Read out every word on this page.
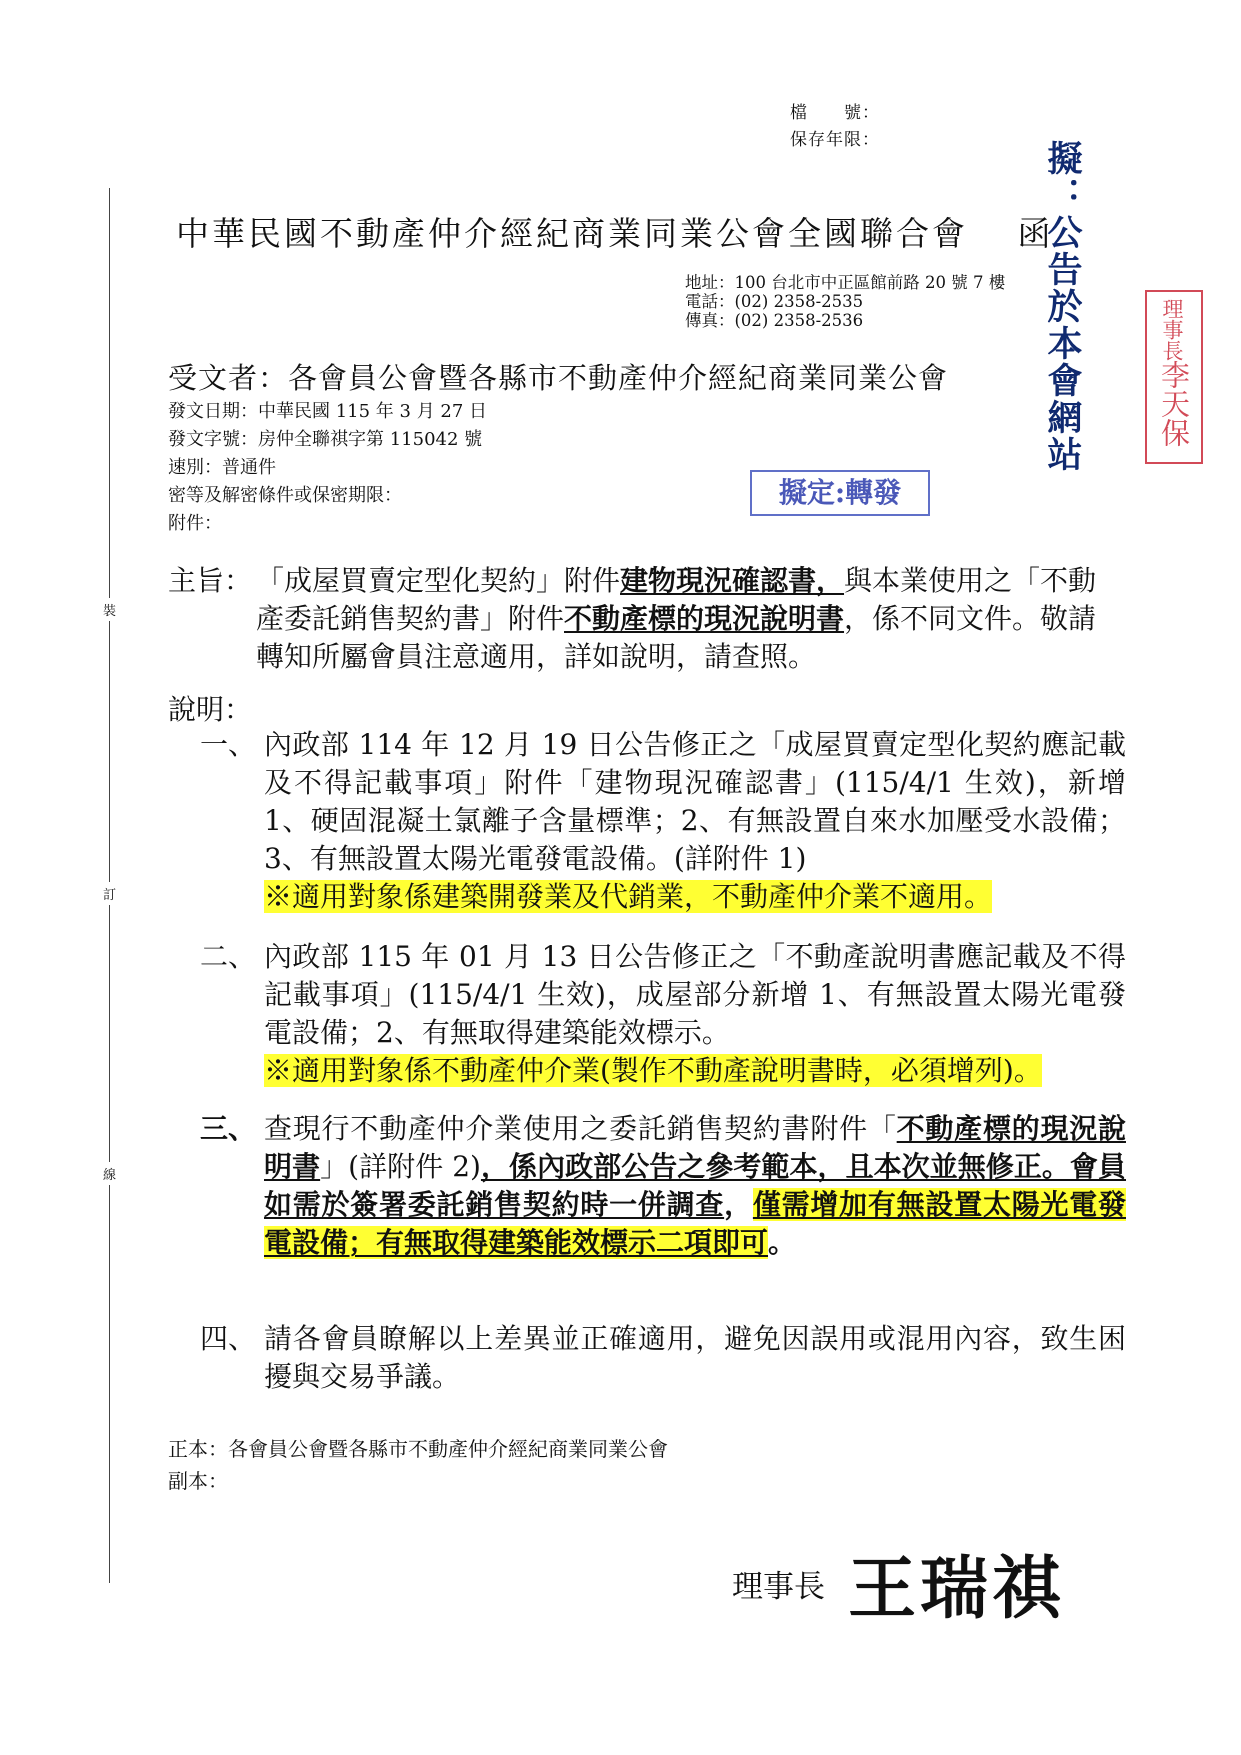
檔　　號：
保存年限：
裝
訂
線
中華民國不動產仲介經紀商業同業公會全國聯合會　 函
地址：100 台北市中正區館前路 20 號 7 樓
電話：(02) 2358-2535
傳真：(02) 2358-2536	擬：公告於本會網站	理事長
李天保
受文者：各會員公會暨各縣市不動產仲介經紀商業同業公會
發文日期：中華民國 115 年 3 月 27 日
發文字號：房仲全聯祺字第 115042 號
速別：普通件
密等及解密條件或保密期限：
附件：
擬定:轉發
主旨： 「成屋買賣定型化契約」附件建物現況確認書，與本業使用之「不動產委託銷售契約書」附件不動產標的現況說明書，係不同文件。敬請轉知所屬會員注意適用，詳如說明，請查照。
說明：
一、 內政部 114 年 12 月 19 日公告修正之「成屋買賣定型化契約應記載及不得記載事項」附件「建物現況確認書」(115/4/1 生效)，新增 1、硬固混凝土氯離子含量標準；2、有無設置自來水加壓受水設備；3、有無設置太陽光電發電設備。(詳附件 1)
※適用對象係建築開發業及代銷業，不動產仲介業不適用。
二、 內政部 115 年 01 月 13 日公告修正之「不動產說明書應記載及不得記載事項」(115/4/1 生效)，成屋部分新增 1、有無設置太陽光電發電設備；2、有無取得建築能效標示。
※適用對象係不動產仲介業(製作不動產說明書時，必須增列)。
三、 查現行不動產仲介業使用之委託銷售契約書附件「不動產標的現況說明書」(詳附件 2)，係內政部公告之參考範本，且本次並無修正。會員如需於簽署委託銷售契約時一併調查，僅需增加有無設置太陽光電發電設備；有無取得建築能效標示二項即可。
四、 請各會員瞭解以上差異並正確適用，避免因誤用或混用內容，致生困擾與交易爭議。
正本：各會員公會暨各縣市不動產仲介經紀商業同業公會
副本：
理事長 王瑞祺
